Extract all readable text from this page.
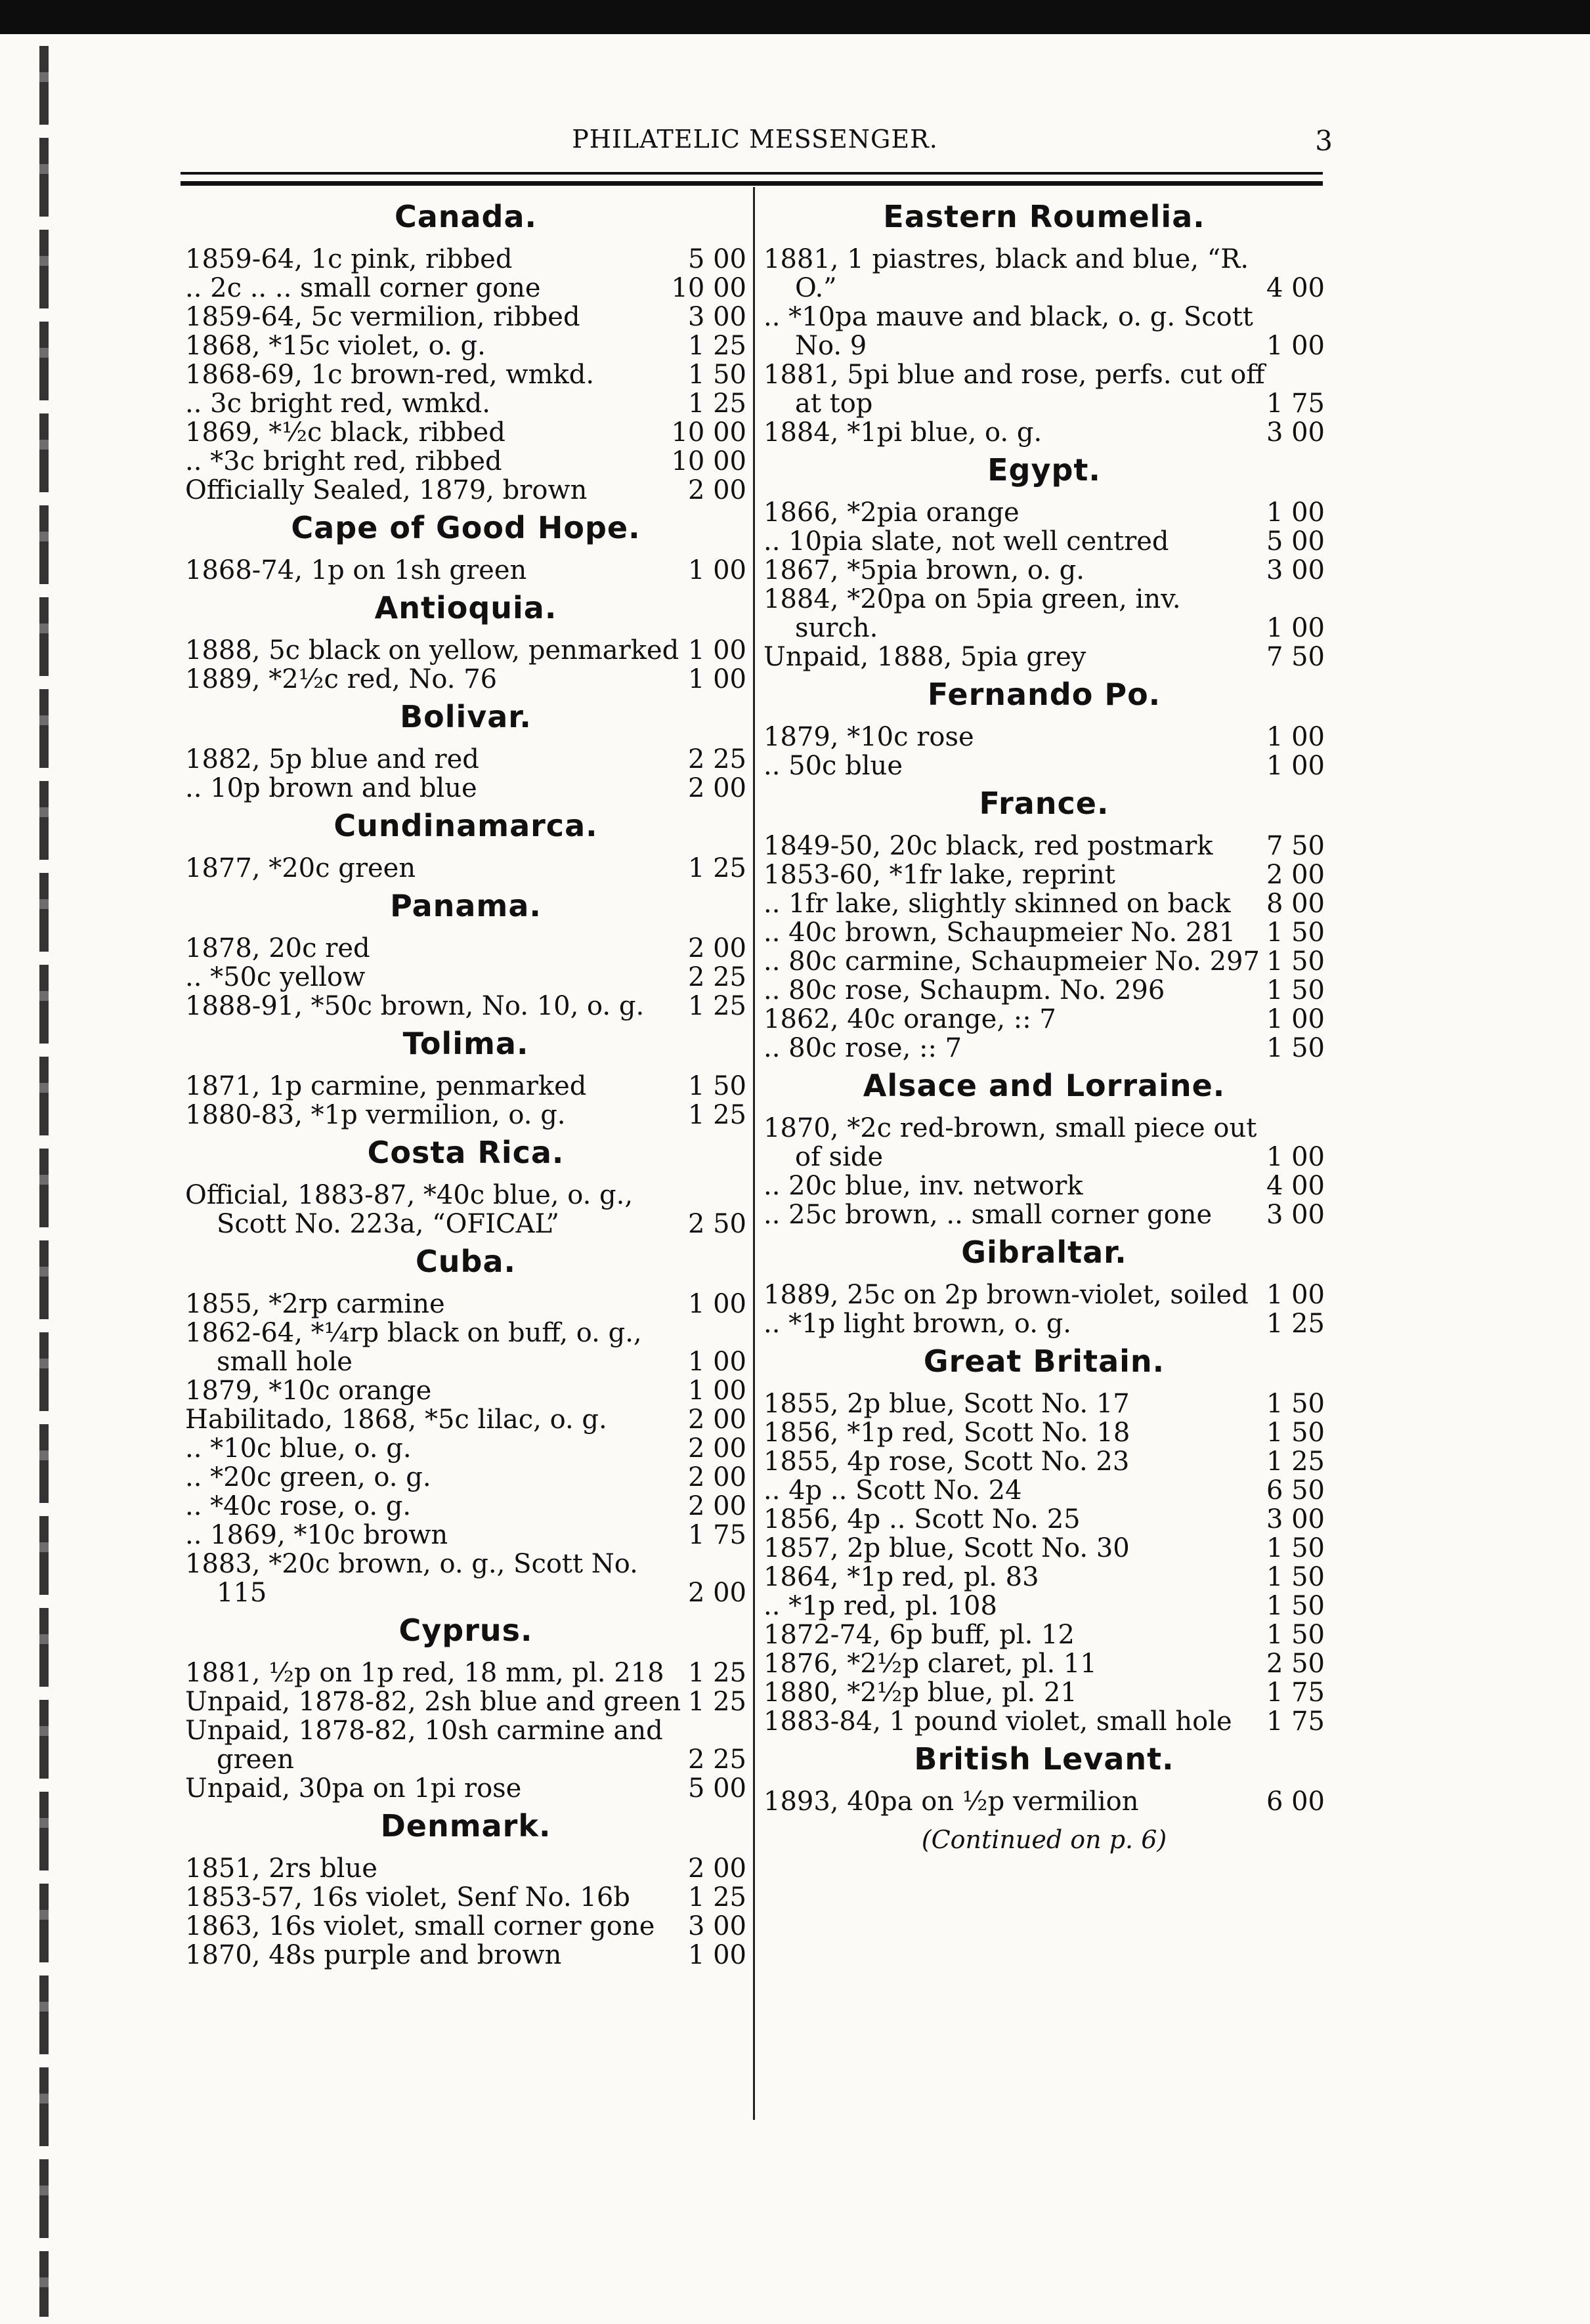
PHILATELIC MESSENGER.	3
Canada.
1859-64, 1c pink, ribbed	5 00
.. 2c .. .. small corner gone	10 00
1859-64, 5c vermilion, ribbed	3 00
1868, *15c violet, o. g.	1 25
1868-69, 1c brown-red, wmkd.	1 50
.. 3c bright red, wmkd.	1 25
1869, *½c black, ribbed	10 00
.. *3c bright red, ribbed	10 00
Officially Sealed, 1879, brown	2 00
Cape of Good Hope.
1868-74, 1p on 1sh green	1 00
Antioquia.
1888, 5c black on yellow, penmarked 1 00
1889, *2½c red, No. 76	1 00
Bolivar.
1882, 5p blue and red	2 25
.. 10p brown and blue	2 00
Cundinamarca.
1877, *20c green	1 25
Panama.
1878, 20c red	2 00
.. *50c yellow	2 25
1888-91, *50c brown, No. 10, o. g.	1 25
Tolima.
1871, 1p carmine, penmarked	1 50
1880-83, *1p vermilion, o. g.	1 25
Costa Rica.
Official, 1883-87, *40c blue, o. g., Scott No. 223a, “OFICAL”	2 50
Cuba.
1855, *2rp carmine	1 00
1862-64, *¼rp black on buff, o. g., small hole	1 00
1879, *10c orange	1 00
Habilitado, 1868, *5c lilac, o. g.	2 00
.. *10c blue, o. g.	2 00
.. *20c green, o. g.	2 00
.. *40c rose, o. g.	2 00
.. 1869, *10c brown	1 75
1883, *20c brown, o. g., Scott No. 115	2 00
Cyprus.
1881, ½p on 1p red, 18 mm, pl. 218 1 25
Unpaid, 1878-82, 2sh blue and green 1 25
Unpaid, 1878-82, 10sh carmine and green	2 25
Unpaid, 30pa on 1pi rose	5 00
Denmark.
1851, 2rs blue	2 00
1853-57, 16s violet, Senf No. 16b	1 25
1863, 16s violet, small corner gone	3 00
1870, 48s purple and brown	1 00
Eastern Roumelia.
1881, 1 piastres, black and blue, “R. O.”	4 00
.. *10pa mauve and black, o. g. Scott No. 9	1 00
1881, 5pi blue and rose, perfs. cut off at top	1 75
1884, *1pi blue, o. g.	3 00
Egypt.
1866, *2pia orange	1 00
.. 10pia slate, not well centred	5 00
1867, *5pia brown, o. g.	3 00
1884, *20pa on 5pia green, inv. surch.	1 00
Unpaid, 1888, 5pia grey	7 50
Fernando Po.
1879, *10c rose	1 00
.. 50c blue	1 00
France.
1849-50, 20c black, red postmark	7 50
1853-60, *1fr lake, reprint	2 00
.. 1fr lake, slightly skinned on back	8 00
.. 40c brown, Schaupmeier No. 281	1 50
.. 80c carmine, Schaupmeier No. 297 1 50
.. 80c rose, Schaupm. No. 296	1 50
1862, 40c orange, :: 7	1 00
.. 80c rose, :: 7	1 50
Alsace and Lorraine.
1870, *2c red-brown, small piece out of side	1 00
.. 20c blue, inv. network	4 00
.. 25c brown, .. small corner gone	3 00
Gibraltar.
1889, 25c on 2p brown-violet, soiled 1 00
.. *1p light brown, o. g.	1 25
Great Britain.
1855, 2p blue, Scott No. 17	1 50
1856, *1p red, Scott No. 18	1 50
1855, 4p rose, Scott No. 23	1 25
.. 4p .. Scott No. 24	6 50
1856, 4p .. Scott No. 25	3 00
1857, 2p blue, Scott No. 30	1 50
1864, *1p red, pl. 83	1 50
.. *1p red, pl. 108	1 50
1872-74, 6p buff, pl. 12	1 50
1876, *2½p claret, pl. 11	2 50
1880, *2½p blue, pl. 21	1 75
1883-84, 1 pound violet, small hole	1 75
British Levant.
1893, 40pa on ½p vermilion	6 00
(Continued on p. 6)
